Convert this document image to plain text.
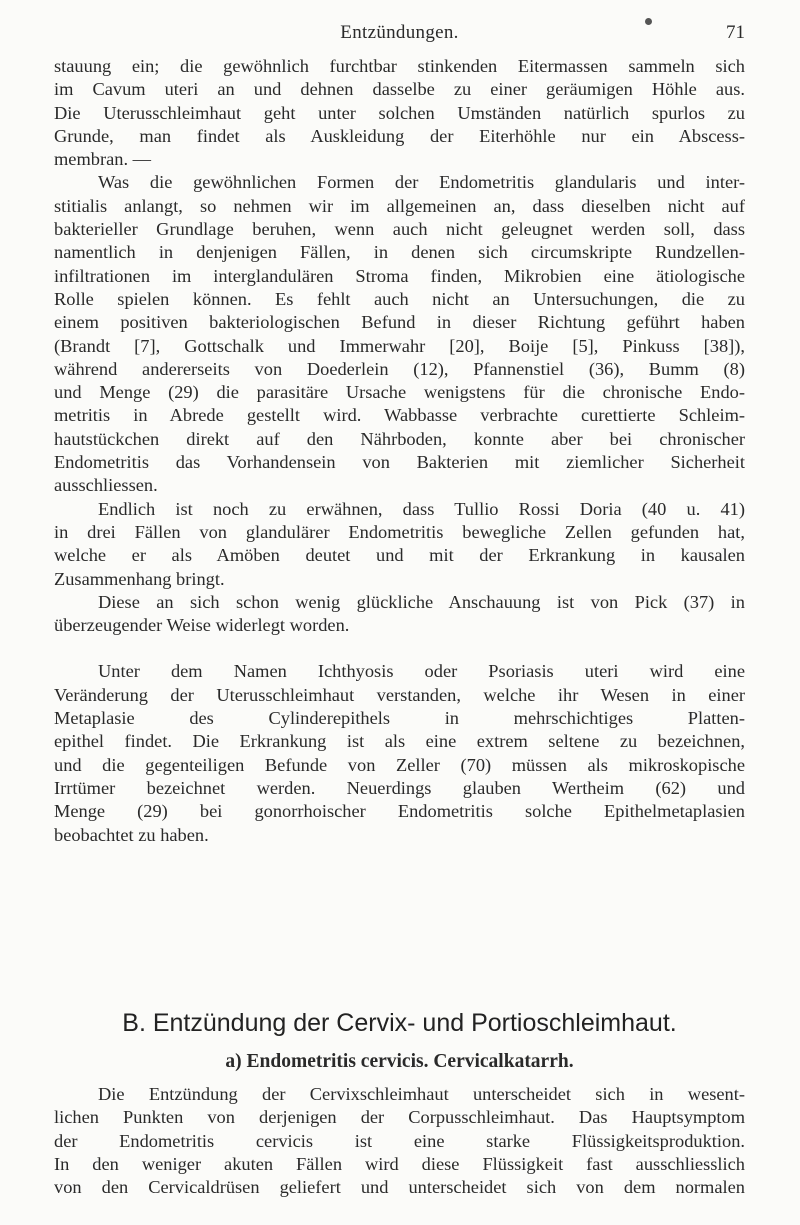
Entzündungen.	71
stauung ein; die gewöhnlich furchtbar stinkenden Eitermassen sammeln sich
im Cavum uteri an und dehnen dasselbe zu einer geräumigen Höhle aus.
Die Uterusschleimhaut geht unter solchen Umständen natürlich spurlos zu
Grunde, man findet als Auskleidung der Eiterhöhle nur ein Abscess-
membran. —
Was die gewöhnlichen Formen der Endometritis glandularis und inter-
stitialis anlangt, so nehmen wir im allgemeinen an, dass dieselben nicht auf
bakterieller Grundlage beruhen, wenn auch nicht geleugnet werden soll, dass
namentlich in denjenigen Fällen, in denen sich circumskripte Rundzellen-
infiltrationen im interglandulären Stroma finden, Mikrobien eine ätiologische
Rolle spielen können. Es fehlt auch nicht an Untersuchungen, die zu
einem positiven bakteriologischen Befund in dieser Richtung geführt haben
(Brandt [7], Gottschalk und Immerwahr [20], Boije [5], Pinkuss [38]),
während andererseits von Doederlein (12), Pfannenstiel (36), Bumm (8)
und Menge (29) die parasitäre Ursache wenigstens für die chronische Endo-
metritis in Abrede gestellt wird. Wabbasse verbrachte curettierte Schleim-
hautstückchen direkt auf den Nährboden, konnte aber bei chronischer
Endometritis das Vorhandensein von Bakterien mit ziemlicher Sicherheit
ausschliessen.
Endlich ist noch zu erwähnen, dass Tullio Rossi Doria (40 u. 41)
in drei Fällen von glandulärer Endometritis bewegliche Zellen gefunden hat,
welche er als Amöben deutet und mit der Erkrankung in kausalen
Zusammenhang bringt.
Diese an sich schon wenig glückliche Anschauung ist von Pick (37) in
überzeugender Weise widerlegt worden.
Unter dem Namen Ichthyosis oder Psoriasis uteri wird eine
Veränderung der Uterusschleimhaut verstanden, welche ihr Wesen in einer
Metaplasie des Cylinderepithels in mehrschichtiges Platten-
epithel findet. Die Erkrankung ist als eine extrem seltene zu bezeichnen,
und die gegenteiligen Befunde von Zeller (70) müssen als mikroskopische
Irrtümer bezeichnet werden. Neuerdings glauben Wertheim (62) und
Menge (29) bei gonorrhoischer Endometritis solche Epithelmetaplasien
beobachtet zu haben.
B. Entzündung der Cervix- und Portioschleimhaut.
a) Endometritis cervicis. Cervicalkatarrh.
Die Entzündung der Cervixschleimhaut unterscheidet sich in wesent-
lichen Punkten von derjenigen der Corpusschleimhaut. Das Hauptsymptom
der Endometritis cervicis ist eine starke Flüssigkeitsproduktion.
In den weniger akuten Fällen wird diese Flüssigkeit fast ausschliesslich
von den Cervicaldrüsen geliefert und unterscheidet sich von dem normalen
